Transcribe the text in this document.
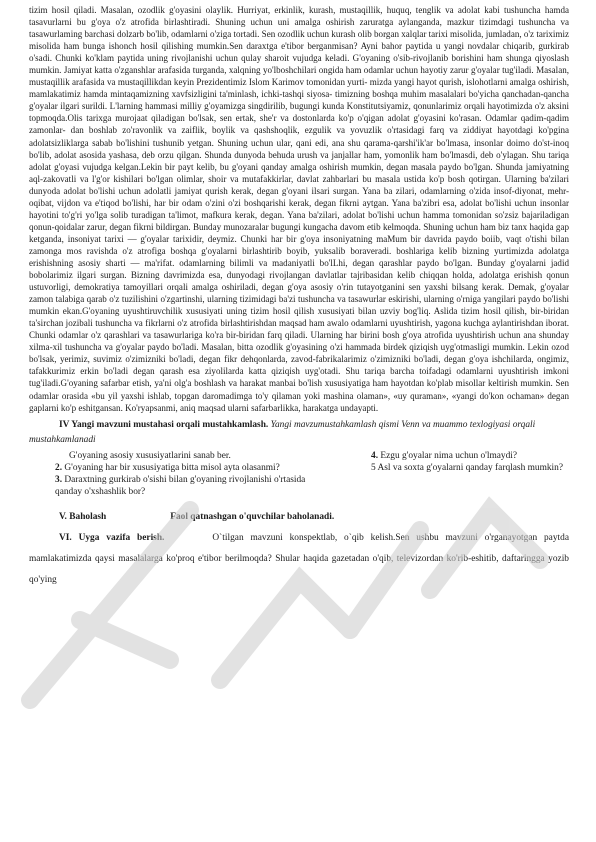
tizim hosil qiladi. Masalan, ozodlik g'oyasini olaylik. Hurriyat, erkinlik, kurash, mustaqillik, huquq, tenglik va adolat kabi tushuncha hamda tasavurlarni bu g'oya o'z atrofida birlashtiradi. Shuning uchun uni amalga oshirish zaruratga aylanganda, mazkur tizimdagi tushuncha va tasawurlaming barchasi dolzarb bo'lib, odamlarni o'ziga tortadi. Sen ozodlik uchun kurash olib borgan xalqlar tarixi misolida, jumladan, o'z tariximiz misolida ham bunga ishonch hosil qilishing mumkin.Sen daraxtga e'tibor berganmisan? Ayni bahor paytida u yangi novdalar chiqarib, gurkirab o'sadi. Chunki ko'klam paytida uning rivojlanishi uchun qulay sharoit vujudga keladi. G'oyaning o'sib-rivojlanib borishini ham shunga qiyoslash mumkin. Jamiyat katta o'zganshlar arafasida turganda, xalqning yo'lboshchilari ongida ham odamlar uchun hayotiy zarur g'oyalar tug'iladi. Masalan, mustaqillik arafasida va mustaqillikdan keyin Prezidentimiz Islom Karimov tomonidan yurti- mizda yangi hayot qurish, islohotlarni amalga oshirish, mamlakatimiz hamda mintaqamizning xavfsizligini ta'minlash, ichki-tashqi siyosa- timizning boshqa muhim masalalari bo'yicha qanchadan-qancha g'oyalar ilgari surildi. L'larning hammasi milliy g'oyamizga singdirilib, bugungi kunda Konstitutsiyamiz, qonunlarimiz orqali hayotimizda o'z aksini topmoqda.Olis tarixga murojaat qiladigan bo'lsak, sen ertak, she'r va dostonlarda ko'p o'qigan adolat g'oyasini ko'rasan. Odamlar qadim-qadim zamonlar- dan boshlab zo'ravonlik va zaiflik, boylik va qashshoqlik, ezgulik va yovuzlik o'rtasidagi farq va ziddiyat hayotdagi ko'pgina adolatsizliklarga sabab bo'lishini tushunib yetgan. Shuning uchun ular, qani edi, ana shu qarama-qarshi'ik'ar bo'lmasa, insonlar doimo do'st-inoq bo'lib, adolat asosida yashasa, deb orzu qilgan. Shunda dunyoda behuda urush va janjallar ham, yomonlik ham bo'lmasdi, deb o'ylagan. Shu tariqa adolat g'oyasi vujudga kelgan.Lekin bir payt kelib, bu g'oyani qanday amalga oshirish mumkin, degan masala paydo bo'lgan. Shunda jamiyatning aql-zakovatli va l'g'or kishilari bo'lgan olimlar, shoir va mutafakkirlar, davlat zahbarlari bu masala ustida ko'p bosh qotirgan. Ularning ba'zilari dunyoda adolat bo'lishi uchun adolatli jamiyat qurish kerak, degan g'oyani ilsari surgan. Yana ba zilari, odamlarning o'zida insof-diyonat, mehr-oqibat, vijdon va e'tiqod bo'lishi, har bir odam o'zini o'zi boshqarishi kerak, degan fikrni aytgan. Yana ba'zibri esa, adolat bo'lishi uchun insonlar hayotini to'g'ri yo'lga solib turadigan ta'limot, mafkura kerak, degan. Yana ba'zilari, adolat bo'lishi uchun hamma tomonidan so'zsiz bajariladigan qonun-qoidalar zarur, degan fikrni bildirgan. Bunday munozaralar bugungi kungacha davom etib kelmoqda. Shuning uchun ham biz tanx haqida gap ketganda, insoniyat tarixi — g'oyalar tarixidir, deymiz. Chunki har bir g'oya insoniyatning maMum bir davrida paydo boiib, vaqt o'tishi bilan zamonga mos ravishda o'z atrofiga boshqa g'oyalarni birlashtirib boyib, yuksalib boraveradi. boshlariga kelib bizning yurtimizda adolatga erishishning asosiy sharti — ma'rifat. odamlarning bilimli va madaniyatli bo'lLhi, degan qarashlar paydo bo'lgan. Bunday g'oyalarni jadid bobolarimiz ilgari surgan. Bizning davrimizda esa, dunyodagi rivojlangan davlatlar tajribasidan kelib chiqqan holda, adolatga erishish qonun ustuvorligi, demokratiya tamoyillari orqali amalga oshiriladi, degan g'oya asosiy o'rin tutayotganini sen yaxshi bilsang kerak. Demak, g'oyalar zamon talabiga qarab o'z tuzilishini o'zgartinshi, ularning tizimidagi ba'zi tushuncha va tasawurlar eskirishi, ularning o'rniga yangilari paydo bo'lishi mumkin ekan.G'oyaning uyushtiruvchilik xususiyati uning tizim hosil qilish xususiyati bilan uzviy bog'liq. Aslida tizim hosil qilish, bir-biridan ta'sirchan jozibali tushuncha va fikrlarni o'z atrofida birlashtirishdan maqsad ham awalo odamlarni uyushtirish, yagona kuchga aylantirishdan iborat. Chunki odamlar o'z qarashlari va tasawurlariga ko'ra bir-biridan farq qiladi. Ularning har birini bosh g'oya atrofida uyushtirish uchun ana shunday xilma-xil tushuncha va g'oyalar paydo bo'ladi. Masalan, bitta ozodlik g'oyasining o'zi hammada birdek qiziqish uyg'otmasligi mumkin. Lekin ozod bo'lsak, yerimiz, suvimiz o'zimizniki bo'ladi, degan fikr dehqonlarda, zavod-fabrikalarimiz o'zimizniki bo'ladi, degan g'oya ishchilarda, ongimiz, tafakkurimiz erkin bo'ladi degan qarash esa ziyolilarda katta qiziqish uyg'otadi. Shu tariqa barcha toifadagi odamlarni uyushtirish imkoni tug'iladi.G'oyaning safarbar etish, ya'ni olg'a boshlash va harakat manbai bo'lish xususiyatiga ham hayotdan ko'plab misollar keltirish mumkin. Sen odamlar orasida «bu yil yaxshi ishlab, topgan daromadimga to'y qilaman yoki mashina olaman», «uy quraman», «yangi do'kon ochaman» degan gaplarni ko'p eshitgansan. Ko'ryapsanmi, aniq maqsad ularni safarbarlikka, harakatga undayapti.

IV Yangi mavzuni mustahasi orqali mustahkamlash. Yangi mavzumustahkamlash qismi Venn va muammo texlogiyasi orqali mustahkamlanadi

G'oyaning asosiy xususiyatlarini sanab ber.
2. G'oyaning har bir xususiyatiga bitta misol ayta olasanmi?
3. Daraxtning gurkirab o'sishi bilan g'oyaning rivojlanishi o'rtasida qanday o'xshashlik bor?
4. Ezgu g'oyalar nima uchun o'lmaydi?
5 Asl va soxta g'oyalarni qanday farqlash mumkin?
V. Baholash	Faol qatnashgan o'quvchilar baholanadi.

VI. Uyga vazifa berish.	O`tilgan mavzuni konspektlab, o`qib kelish.Sen ushbu mavzuni o'rganayotgan paytda mamlakatimizda qaysi masalalarga ko'proq e'tibor berilmoqda? Shular haqida gazetadan o'qib, televizordan ko'rib-eshitib, daftaringga yozib qo'ying
